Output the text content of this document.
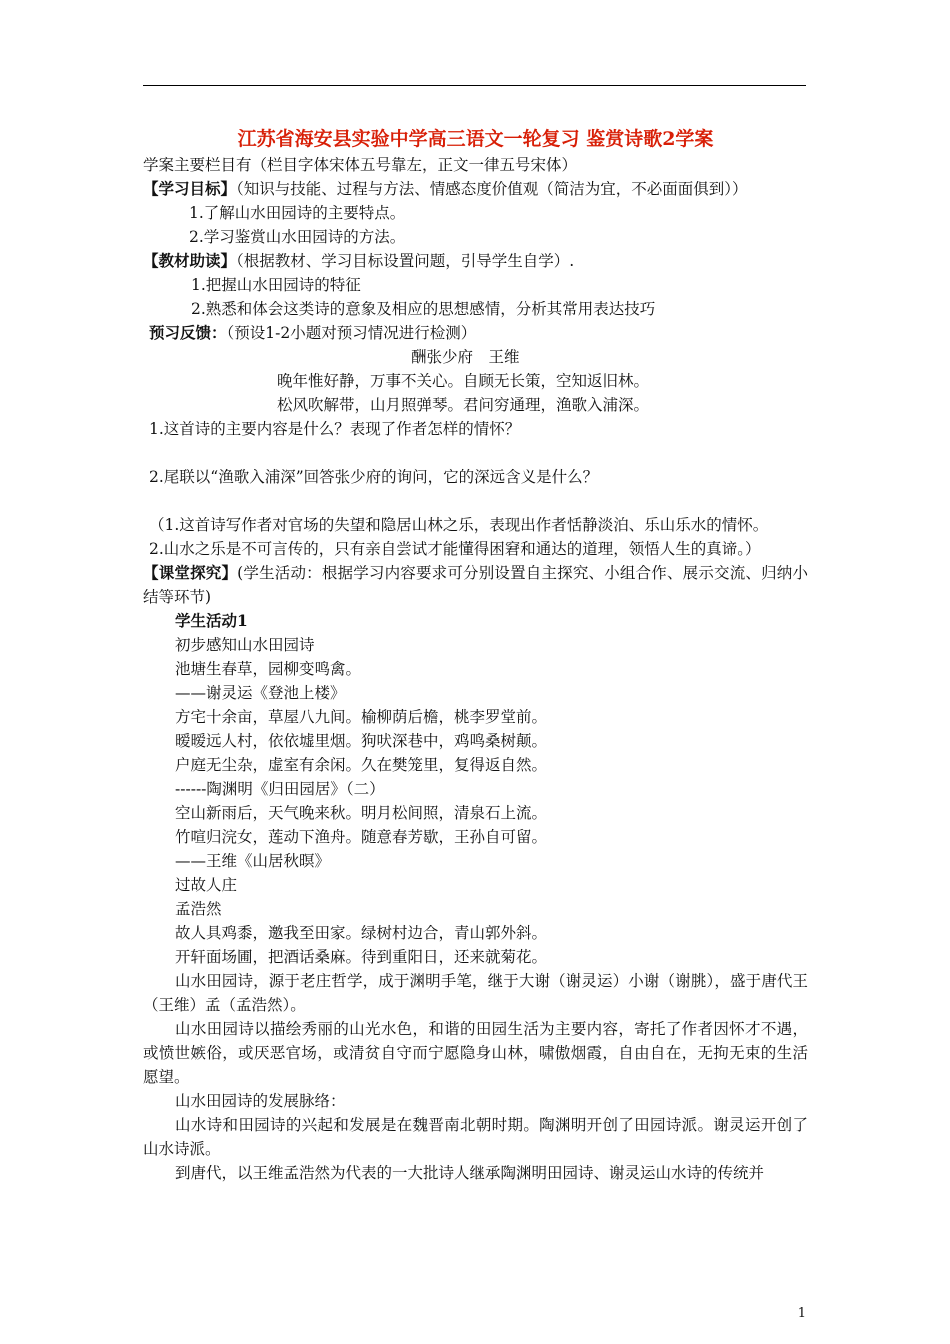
江苏省海安县实验中学高三语文一轮复习 鉴赏诗歌2学案

学案主要栏目有（栏目字体宋体五号靠左，正文一律五号宋体）

【学习目标】（知识与技能、过程与方法、情感态度价值观（简洁为宜，不必面面俱到））

1.了解山水田园诗的主要特点。

2.学习鉴赏山水田园诗的方法。

【教材助读】（根据教材、学习目标设置问题，引导学生自学）.

1.把握山水田园诗的特征

2.熟悉和体会这类诗的意象及相应的思想感情，分析其常用表达技巧

预习反馈：（预设1-2小题对预习情况进行检测）

酬张少府　王维

晚年惟好静，万事不关心。自顾无长策，空知返旧林。

松风吹解带，山月照弹琴。君问穷通理，渔歌入浦深。

1.这首诗的主要内容是什么？表现了作者怎样的情怀？

2.尾联以“渔歌入浦深”回答张少府的询问，它的深远含义是什么？

（1.这首诗写作者对官场的失望和隐居山林之乐，表现出作者恬静淡泊、乐山乐水的情怀。

2.山水之乐是不可言传的，只有亲自尝试才能懂得困窘和通达的道理，领悟人生的真谛。）

【课堂探究】(学生活动：根据学习内容要求可分别设置自主探究、小组合作、展示交流、归纳小结等环节)

学生活动1

初步感知山水田园诗

池塘生春草，园柳变鸣禽。

——谢灵运《登池上楼》

方宅十余亩，草屋八九间。榆柳荫后檐，桃李罗堂前。

暧暧远人村，依依墟里烟。狗吠深巷中，鸡鸣桑树颠。

户庭无尘杂，虚室有余闲。久在樊笼里，复得返自然。

------陶渊明《归田园居》（二）

空山新雨后，天气晚来秋。明月松间照，清泉石上流。

竹喧归浣女，莲动下渔舟。随意春芳歇，王孙自可留。

——王维《山居秋暝》

过故人庄

孟浩然

故人具鸡黍，邀我至田家。绿树村边合，青山郭外斜。

开轩面场圃，把酒话桑麻。待到重阳日，还来就菊花。

山水田园诗，源于老庄哲学，成于渊明手笔，继于大谢（谢灵运）小谢（谢朓），盛于唐代王（王维）孟（孟浩然）。

山水田园诗以描绘秀丽的山光水色，和谐的田园生活为主要内容，寄托了作者因怀才不遇，或愤世嫉俗，或厌恶官场，或清贫自守而宁愿隐身山林，啸傲烟霞，自由自在，无拘无束的生活愿望。

山水田园诗的发展脉络：

山水诗和田园诗的兴起和发展是在魏晋南北朝时期。陶渊明开创了田园诗派。谢灵运开创了山水诗派。

到唐代，以王维孟浩然为代表的一大批诗人继承陶渊明田园诗、谢灵运山水诗的传统并

1
